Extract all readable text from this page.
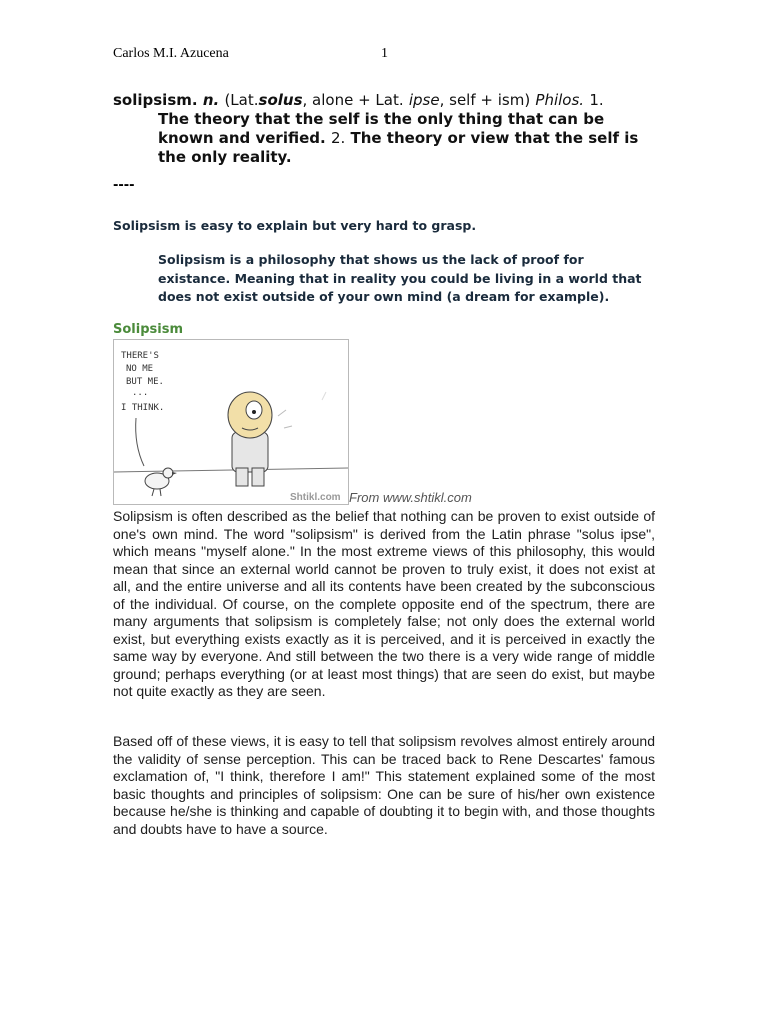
Carlos M.I. Azucena	1
solipsism. n. (Lat.solus, alone + Lat. ipse, self + ism) Philos. 1.
The theory that the self is the only thing that can be known and verified. 2. The theory or view that the self is the only reality.
----
Solipsism is easy to explain but very hard to grasp.
Solipsism is a philosophy that shows us the lack of proof for existance. Meaning that in reality you could be living in a world that does not exist outside of your own mind (a dream for example).
Solipsism
THERE'S
NO ME
BUT ME.
...
I THINK.
Shtikl.com From www.shtikl.com

Solipsism is often described as the belief that nothing can be proven to exist outside of one's own mind. The word "solipsism" is derived from the Latin phrase "solus ipse", which means "myself alone." In the most extreme views of this philosophy, this would mean that since an external world cannot be proven to truly exist, it does not exist at all, and the entire universe and all its contents have been created by the subconscious of the individual. Of course, on the complete opposite end of the spectrum, there are many arguments that solipsism is completely false; not only does the external world exist, but everything exists exactly as it is perceived, and it is perceived in exactly the same way by everyone. And still between the two there is a very wide range of middle ground; perhaps everything (or at least most things) that are seen do exist, but maybe not quite exactly as they are seen.

Based off of these views, it is easy to tell that solipsism revolves almost entirely around the validity of sense perception. This can be traced back to Rene Descartes' famous exclamation of, "I think, therefore I am!" This statement explained some of the most basic thoughts and principles of solipsism: One can be sure of his/her own existence because he/she is thinking and capable of doubting it to begin with, and those thoughts and doubts have to have a source.
